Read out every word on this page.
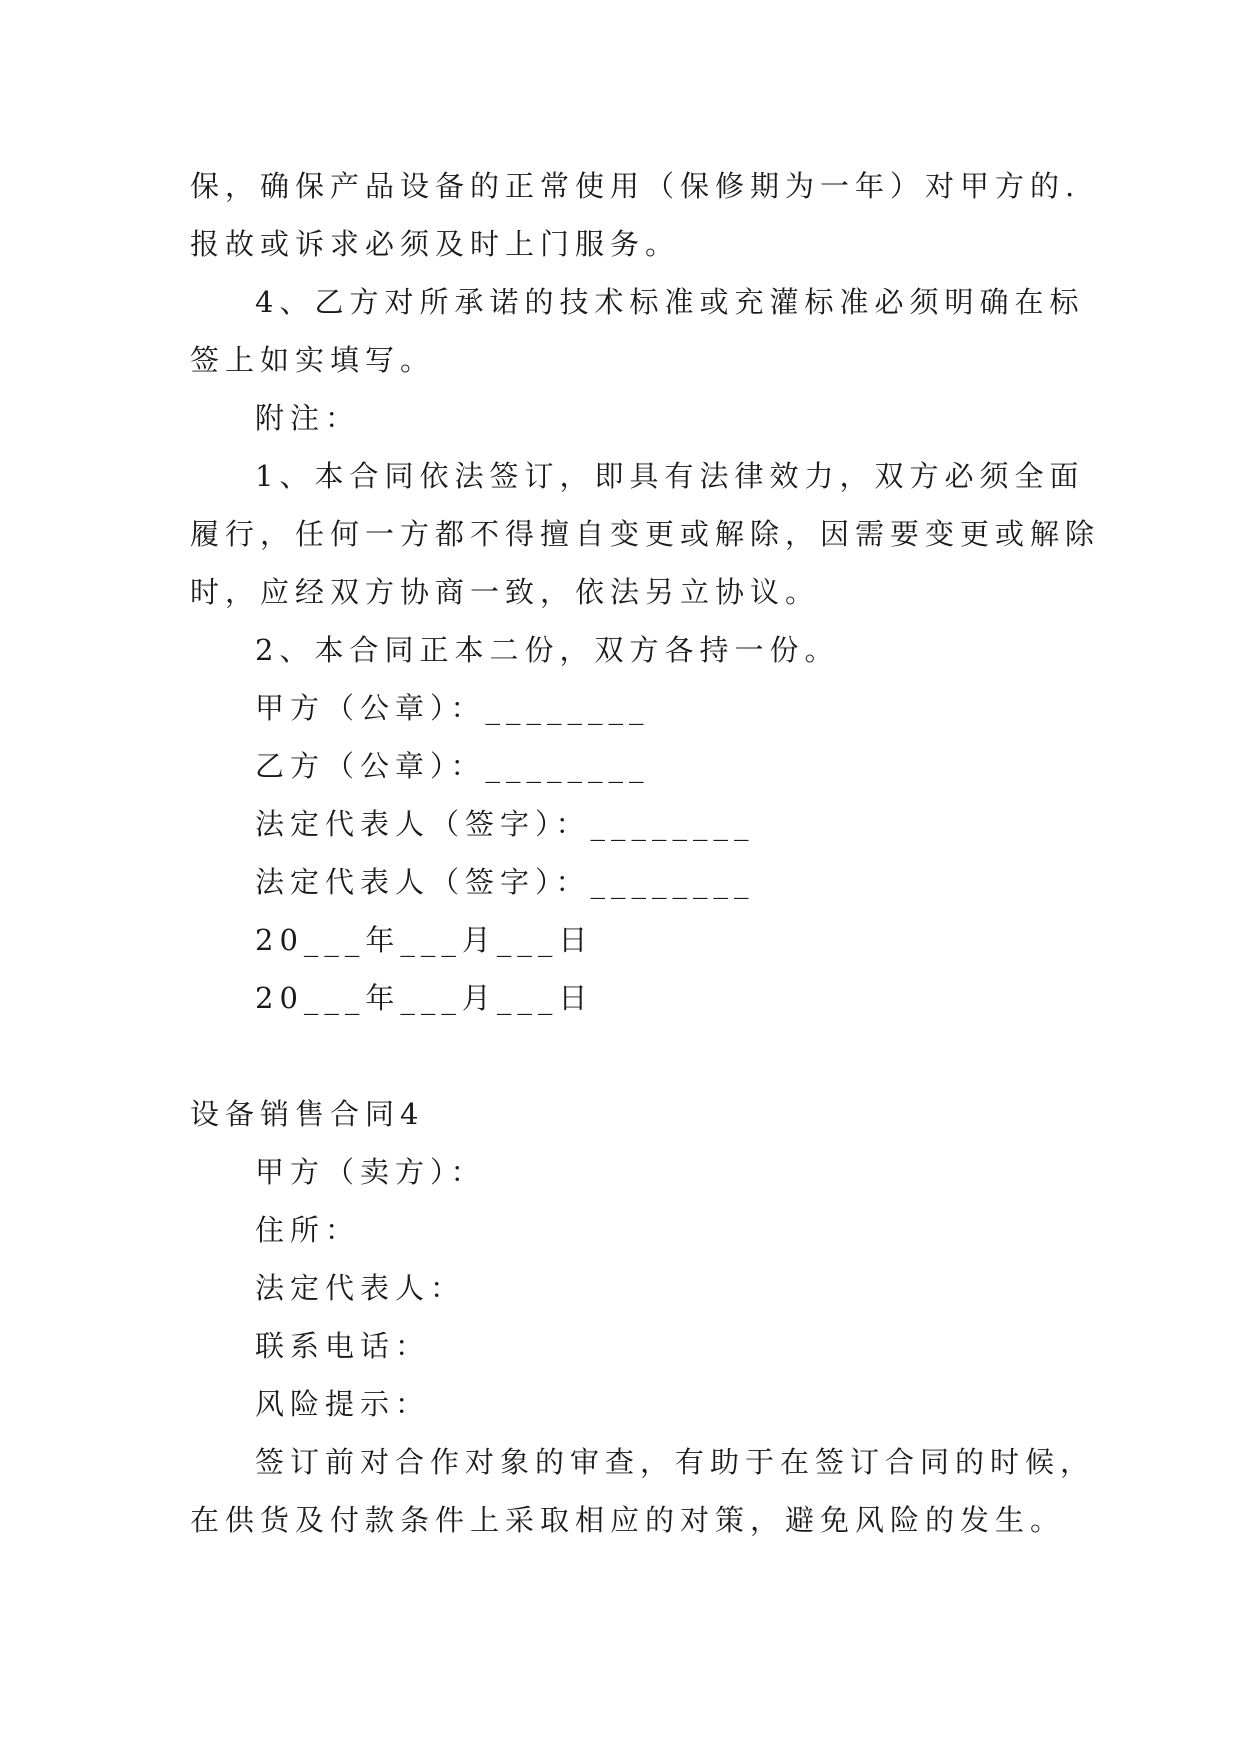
保，确保产品设备的正常使用（保修期为一年）对甲方的.
报故或诉求必须及时上门服务。
4、乙方对所承诺的技术标准或充灌标准必须明确在标
签上如实填写。
附注：
1、本合同依法签订，即具有法律效力，双方必须全面
履行，任何一方都不得擅自变更或解除，因需要变更或解除
时，应经双方协商一致，依法另立协议。
2、本合同正本二份，双方各持一份。
甲方（公章）：________
乙方（公章）：________
法定代表人（签字）：________
法定代表人（签字）：________
20___年___月___日
20___年___月___日
设备销售合同4
甲方（卖方）：
住所：
法定代表人：
联系电话：
风险提示：
签订前对合作对象的审查，有助于在签订合同的时候，
在供货及付款条件上采取相应的对策，避免风险的发生。
